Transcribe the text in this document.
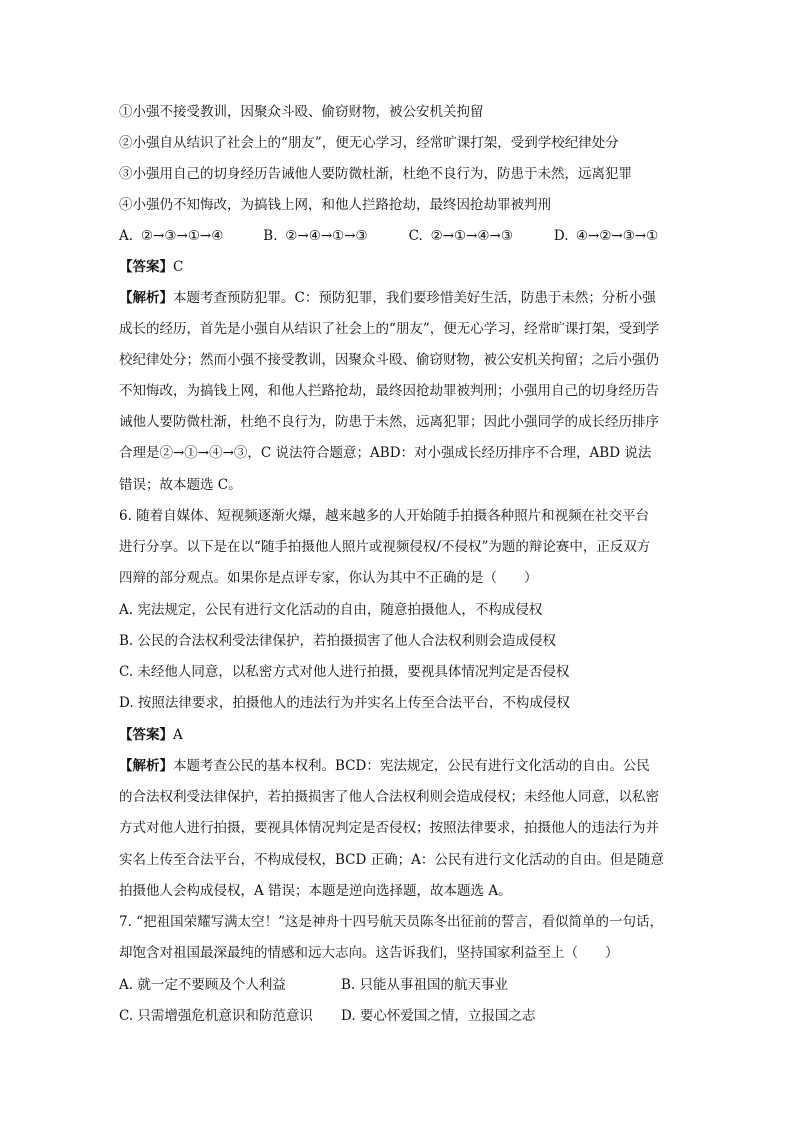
①小强不接受教训，因聚众斗殴、偷窃财物，被公安机关拘留
②小强自从结识了社会上的“朋友”，便无心学习，经常旷课打架，受到学校纪律处分
③小强用自己的切身经历告诫他人要防微杜渐，杜绝不良行为，防患于未然，远离犯罪
④小强仍不知悔改，为搞钱上网，和他人拦路抢劫，最终因抢劫罪被判刑
A. ②→③→①→④	B. ②→④→①→③	C. ②→①→④→③	D. ④→②→③→①
【答案】C
【解析】本题考查预防犯罪。C：预防犯罪，我们要珍惜美好生活，防患于未然；分析小强
成长的经历，首先是小强自从结识了社会上的“朋友”，便无心学习，经常旷课打架，受到学
校纪律处分；然而小强不接受教训，因聚众斗殴、偷窃财物，被公安机关拘留；之后小强仍
不知悔改，为搞钱上网，和他人拦路抢劫，最终因抢劫罪被判刑；小强用自己的切身经历告
诫他人要防微杜渐，杜绝不良行为，防患于未然，远离犯罪；因此小强同学的成长经历排序
合理是②→①→④→③，C 说法符合题意；ABD：对小强成长经历排序不合理，ABD 说法
错误；故本题选 C。
6. 随着自媒体、短视频逐渐火爆，越来越多的人开始随手拍摄各种照片和视频在社交平台
进行分享。以下是在以“随手拍摄他人照片或视频侵权/不侵权”为题的辩论赛中，正反双方
四辩的部分观点。如果你是点评专家，你认为其中不正确的是（　　）
A. 宪法规定，公民有进行文化活动的自由，随意拍摄他人，不构成侵权
B. 公民的合法权利受法律保护，若拍摄损害了他人合法权利则会造成侵权
C. 未经他人同意，以私密方式对他人进行拍摄，要视具体情况判定是否侵权
D. 按照法律要求，拍摄他人的违法行为并实名上传至合法平台，不构成侵权
【答案】A
【解析】本题考查公民的基本权利。BCD：宪法规定，公民有进行文化活动的自由。公民
的合法权利受法律保护，若拍摄损害了他人合法权利则会造成侵权；未经他人同意，以私密
方式对他人进行拍摄，要视具体情况判定是否侵权；按照法律要求，拍摄他人的违法行为并
实名上传至合法平台，不构成侵权，BCD 正确；A：公民有进行文化活动的自由。但是随意
拍摄他人会构成侵权，A 错误；本题是逆向选择题，故本题选 A。
7. “把祖国荣耀写满太空！”这是神舟十四号航天员陈冬出征前的誓言，看似简单的一句话，
却饱含对祖国最深最纯的情感和远大志向。这告诉我们，坚持国家利益至上（　　）
A. 就一定不要顾及个人利益	B. 只能从事祖国的航天事业
C. 只需增强危机意识和防范意识 D. 要心怀爱国之情，立报国之志
